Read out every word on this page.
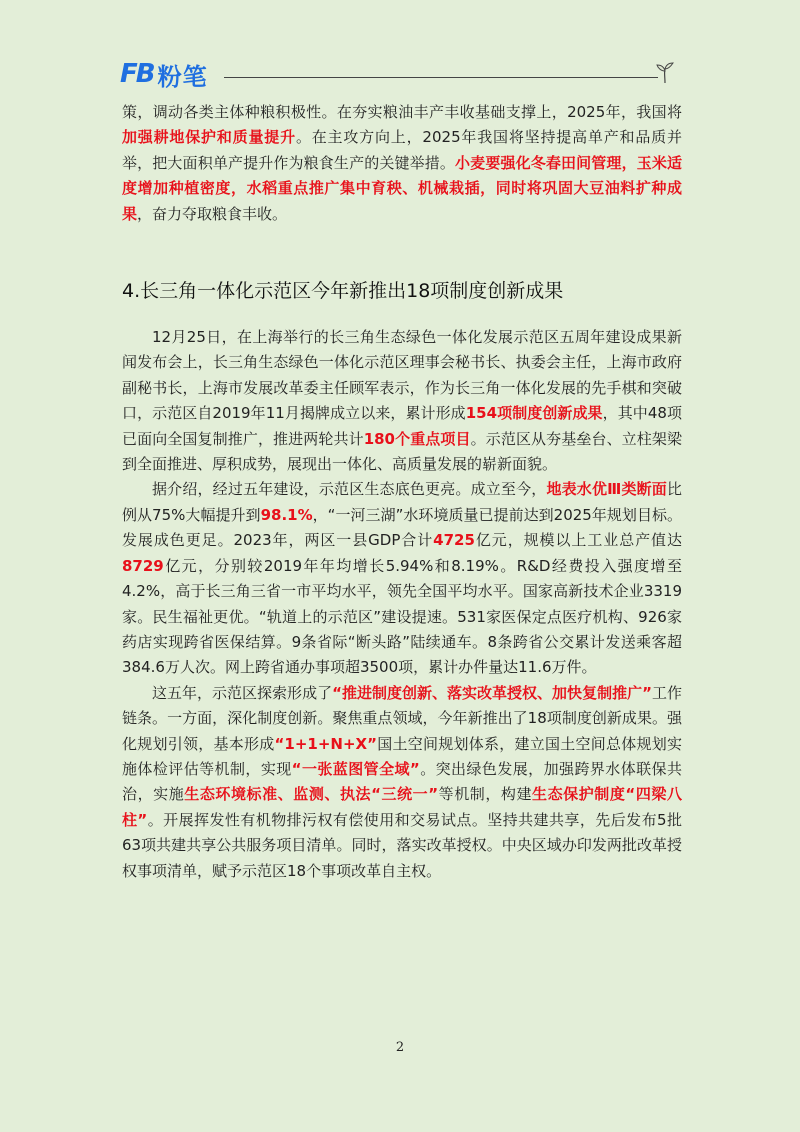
FB 粉笔

策，调动各类主体种粮积极性。在夯实粮油丰产丰收基础支撑上，2025年，我国将加强耕地保护和质量提升。在主攻方向上，2025年我国将坚持提高单产和品质并举，把大面积单产提升作为粮食生产的关键举措。小麦要强化冬春田间管理，玉米适度增加种植密度，水稻重点推广集中育秧、机械栽插，同时将巩固大豆油料扩种成果，奋力夺取粮食丰收。

4.长三角一体化示范区今年新推出18项制度创新成果

12月25日，在上海举行的长三角生态绿色一体化发展示范区五周年建设成果新闻发布会上，长三角生态绿色一体化示范区理事会秘书长、执委会主任，上海市政府副秘书长，上海市发展改革委主任顾军表示，作为长三角一体化发展的先手棋和突破口，示范区自2019年11月揭牌成立以来，累计形成154项制度创新成果，其中48项已面向全国复制推广，推进两轮共计180个重点项目。示范区从夯基垒台、立柱架梁到全面推进、厚积成势，展现出一体化、高质量发展的崭新面貌。

据介绍，经过五年建设，示范区生态底色更亮。成立至今，地表水优Ⅲ类断面比例从75%大幅提升到98.1%，“一河三湖”水环境质量已提前达到2025年规划目标。发展成色更足。2023年，两区一县GDP合计4725亿元，规模以上工业总产值达8729亿元，分别较2019年年均增长5.94%和8.19%。R&D经费投入强度增至4.2%，高于长三角三省一市平均水平，领先全国平均水平。国家高新技术企业3319家。民生福祉更优。“轨道上的示范区”建设提速。531家医保定点医疗机构、926家药店实现跨省医保结算。9条省际“断头路”陆续通车。8条跨省公交累计发送乘客超384.6万人次。网上跨省通办事项超3500项，累计办件量达11.6万件。

这五年，示范区探索形成了“推进制度创新、落实改革授权、加快复制推广”工作链条。一方面，深化制度创新。聚焦重点领域，今年新推出了18项制度创新成果。强化规划引领，基本形成“1+1+N+X”国土空间规划体系，建立国土空间总体规划实施体检评估等机制，实现“一张蓝图管全域”。突出绿色发展，加强跨界水体联保共治，实施生态环境标准、监测、执法“三统一”等机制，构建生态保护制度“四梁八柱”。开展挥发性有机物排污权有偿使用和交易试点。坚持共建共享，先后发布5批63项共建共享公共服务项目清单。同时，落实改革授权。中央区域办印发两批改革授权事项清单，赋予示范区18个事项改革自主权。

2
